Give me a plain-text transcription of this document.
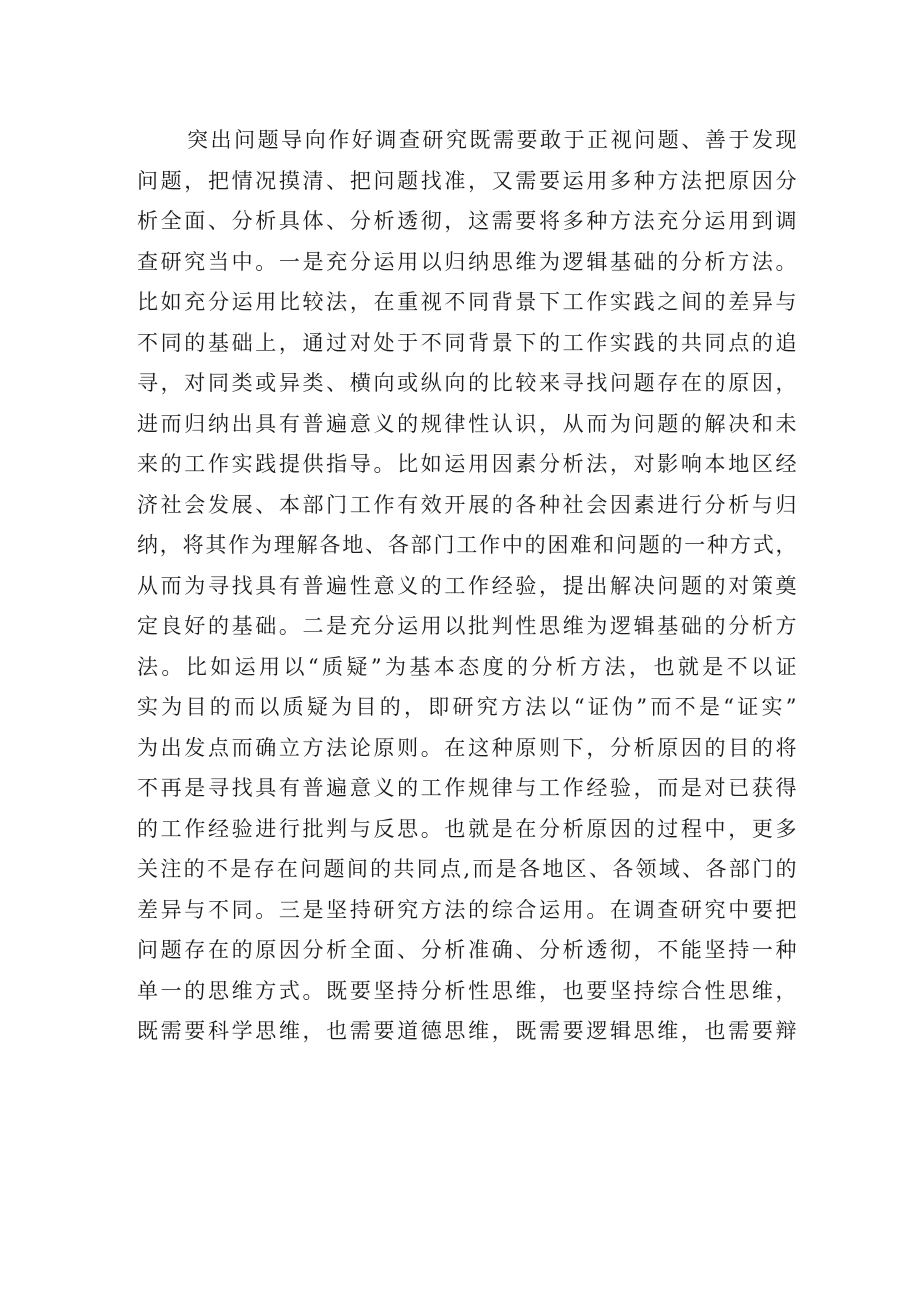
突出问题导向作好调查研究既需要敢于正视问题、善于发现
问题，把情况摸清、把问题找准，又需要运用多种方法把原因分
析全面、分析具体、分析透彻，这需要将多种方法充分运用到调
查研究当中。一是充分运用以归纳思维为逻辑基础的分析方法。
比如充分运用比较法，在重视不同背景下工作实践之间的差异与
不同的基础上，通过对处于不同背景下的工作实践的共同点的追
寻，对同类或异类、横向或纵向的比较来寻找问题存在的原因，
进而归纳出具有普遍意义的规律性认识，从而为问题的解决和未
来的工作实践提供指导。比如运用因素分析法，对影响本地区经
济社会发展、本部门工作有效开展的各种社会因素进行分析与归
纳，将其作为理解各地、各部门工作中的困难和问题的一种方式，
从而为寻找具有普遍性意义的工作经验，提出解决问题的对策奠
定良好的基础。二是充分运用以批判性思维为逻辑基础的分析方
法。比如运用以“质疑”为基本态度的分析方法，也就是不以证
实为目的而以质疑为目的，即研究方法以“证伪”而不是“证实”
为出发点而确立方法论原则。在这种原则下，分析原因的目的将
不再是寻找具有普遍意义的工作规律与工作经验，而是对已获得
的工作经验进行批判与反思。也就是在分析原因的过程中，更多
关注的不是存在问题间的共同点,而是各地区、各领域、各部门的
差异与不同。三是坚持研究方法的综合运用。在调查研究中要把
问题存在的原因分析全面、分析准确、分析透彻，不能坚持一种
单一的思维方式。既要坚持分析性思维，也要坚持综合性思维，
既需要科学思维，也需要道德思维，既需要逻辑思维，也需要辩
